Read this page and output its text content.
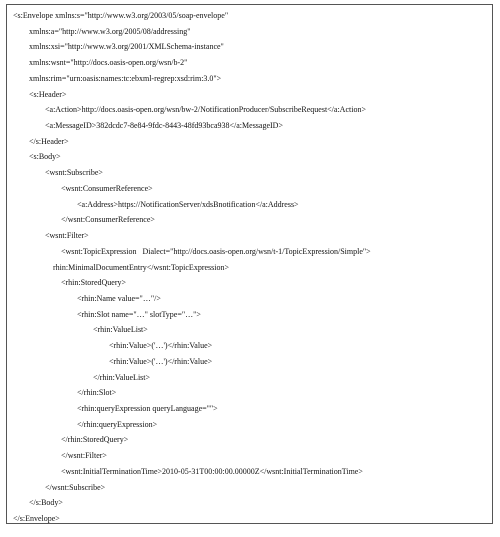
<s:Envelope xmlns:s="http://www.w3.org/2003/05/soap-envelope"
xmlns:a="http://www.w3.org/2005/08/addressing"
xmlns:xsi="http://www.w3.org/2001/XMLSchema-instance"
xmlns:wsnt="http://docs.oasis-open.org/wsn/b-2"
xmlns:rim="urn:oasis:names:tc:ebxml-regrep:xsd:rim:3.0">
<s:Header>
<a:Action>http://docs.oasis-open.org/wsn/bw-2/NotificationProducer/SubscribeRequest</a:Action>
<a:MessageID>382dcdc7-8e84-9fdc-8443-48fd93bca938</a:MessageID>
</s:Header>
<s:Body>
<wsnt:Subscribe>
<wsnt:ConsumerReference>
<a:Address>https://NotificationServer/xdsBnotification</a:Address>
</wsnt:ConsumerReference>
<wsnt:Filter>
<wsnt:TopicExpression   Dialect="http://docs.oasis-open.org/wsn/t-1/TopicExpression/Simple">
rhin:MinimalDocumentEntry</wsnt:TopicExpression>
<rhin:StoredQuery>
<rhin:Name value="…"/>
<rhin:Slot name="…" slotType="…">
<rhin:ValueList>
<rhin:Value>('…')</rhin:Value>
<rhin:Value>('…')</rhin:Value>
</rhin:ValueList>
</rhin:Slot>
<rhin:queryExpression queryLanguage="">
</rhin:queryExpression>
</rhin:StoredQuery>
</wsnt:Filter>
<wsnt:InitialTerminationTime>2010-05-31T00:00:00.00000Z</wsnt:InitialTerminationTime>
</wsnt:Subscribe>
</s:Body>
</s:Envelope>
